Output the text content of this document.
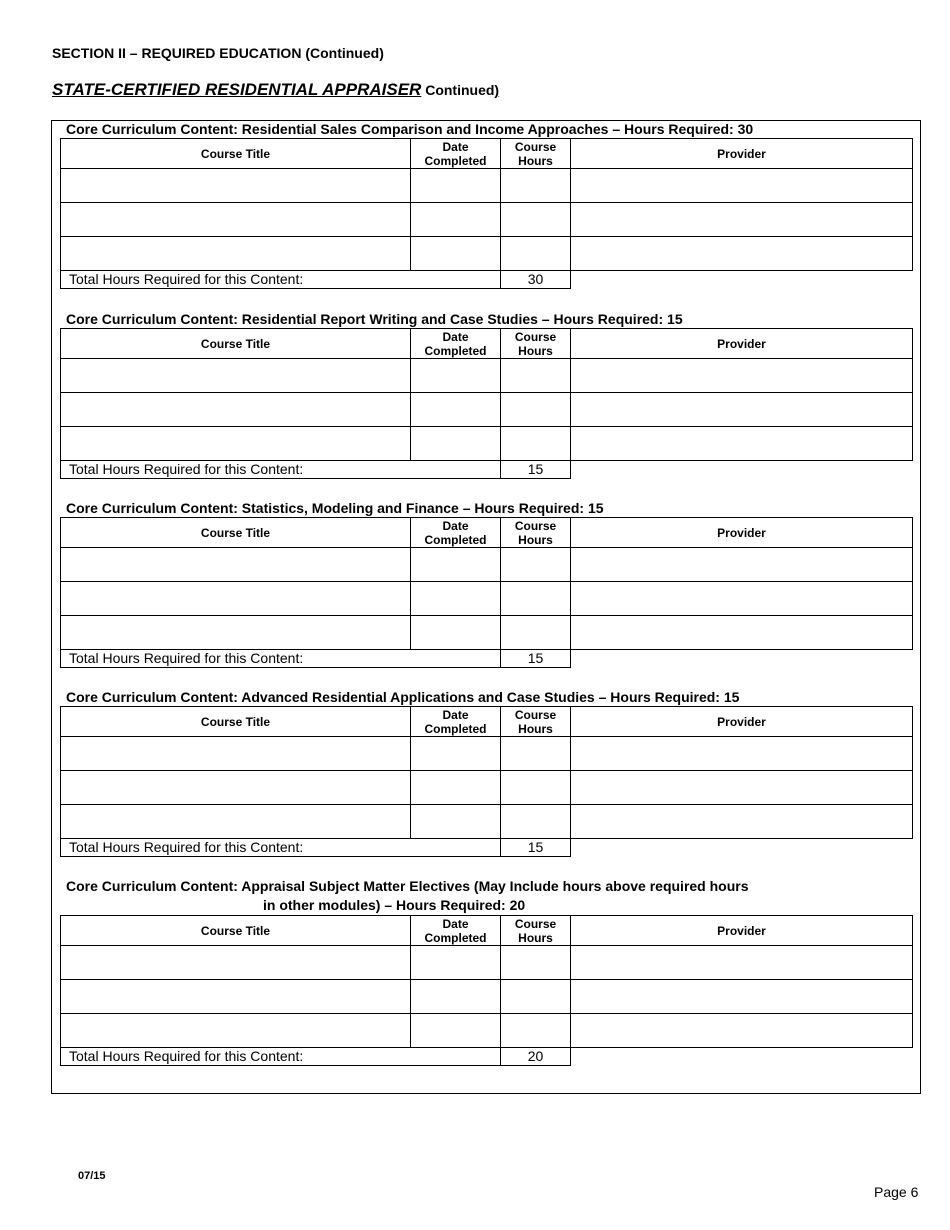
SECTION II – REQUIRED EDUCATION (Continued)
STATE-CERTIFIED RESIDENTIAL APPRAISER Continued)
Core Curriculum Content: Residential Sales Comparison and Income Approaches – Hours Required: 30
Course Title	Date Completed	Course Hours	Provider

Total Hours Required for this Content:	30
Core Curriculum Content: Residential Report Writing and Case Studies – Hours Required: 15
Course Title	Date Completed	Course Hours	Provider

Total Hours Required for this Content:	15
Core Curriculum Content: Statistics, Modeling and Finance – Hours Required: 15
Course Title	Date Completed	Course Hours	Provider

Total Hours Required for this Content:	15
Core Curriculum Content: Advanced Residential Applications and Case Studies – Hours Required: 15
Course Title	Date Completed	Course Hours	Provider

Total Hours Required for this Content:	15
Core Curriculum Content: Appraisal Subject Matter Electives (May Include hours above required hours
in other modules) – Hours Required: 20
Course Title	Date Completed	Course Hours	Provider

Total Hours Required for this Content:	20
07/15
Page 6
